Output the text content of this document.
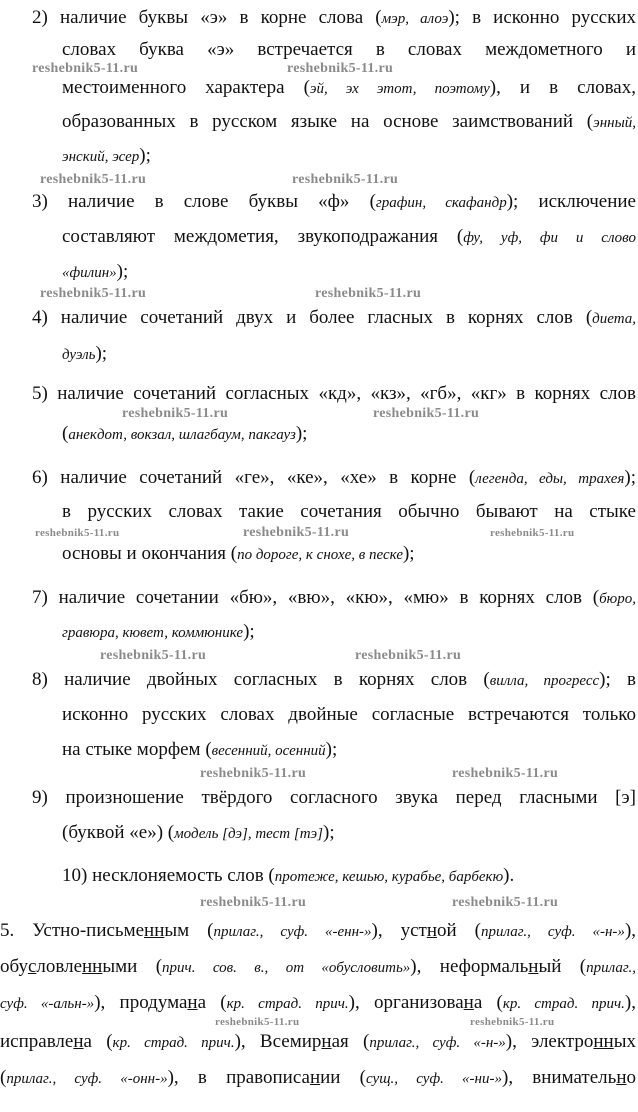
2) наличие буквы «э» в корне слова (мэр, алоэ); в исконно русских
словах буква «э» встречается в словах междометного и
местоименного характера (эй, эх этот, поэтому), и в словах,
образованных в русском языке на основе заимствований (энный,
энский, эсер);
3) наличие в слове буквы «ф» (графин, скафандр); исключение
составляют междометия, звукоподражания (фу, уф, фи и слово
«филин»);
4) наличие сочетаний двух и более гласных в корнях слов (диета,
дуэль);
5) наличие сочетаний согласных «кд», «кз», «гб», «кг» в корнях слов
(анекдот, вокзал, шлагбаум, пакгауз);
6) наличие сочетаний «ге», «ке», «хе» в корне (легенда, еды, трахея);
в русских словах такие сочетания обычно бывают на стыке
основы и окончания (по дороге, к снохе, в песке);
7) наличие сочетании «бю», «вю», «кю», «мю» в корнях слов (бюро,
гравюра, кювет, коммюнике);
8) наличие двойных согласных в корнях слов (вилла, прогресс); в
исконно русских словах двойные согласные встречаются только
на стыке морфем (весенний, осенний);
9) произношение твёрдого согласного звука перед гласными [э]
(буквой «е») (модель [дэ], тест [тэ]);
10) несклоняемость слов (протеже, кешью, курабье, барбекю).
5. Устно-письменным (прилаг., суф. «-енн-»), устной (прилаг., суф. «-н-»),
обусловленными (прич. сов. в., от «обусловить»), неформальный (прилаг.,
суф. «-альн-»), продумана (кр. страд. прич.), организована (кр. страд. прич.),
исправлена (кр. страд. прич.), Всемирная (прилаг., суф. «-н-»), электронных
(прилаг., суф. «-онн-»), в правописании (сущ., суф. «-ни-»), внимательно
reshebnik5-11.ru	reshebnik5-11.ru
reshebnik5-11.ru	reshebnik5-11.ru
reshebnik5-11.ru	reshebnik5-11.ru
reshebnik5-11.ru	reshebnik5-11.ru
reshebnik5-11.ru	reshebnik5-11.ru	reshebnik5-11.ru
reshebnik5-11.ru	reshebnik5-11.ru
reshebnik5-11.ru	reshebnik5-11.ru
reshebnik5-11.ru	reshebnik5-11.ru
reshebnik5-11.ru	reshebnik5-11.ru
